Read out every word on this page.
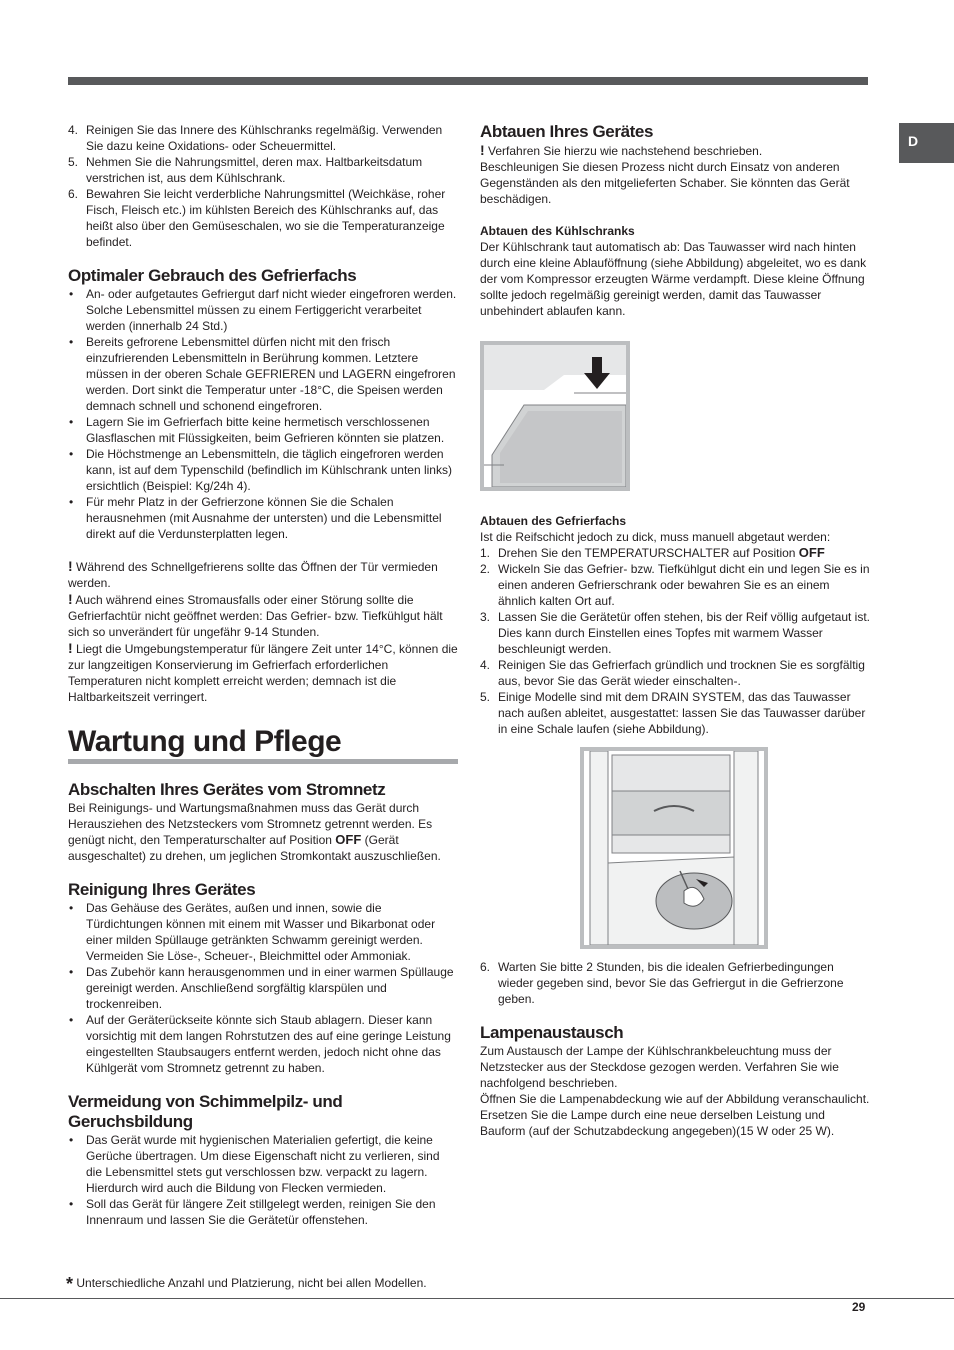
D
4. Reinigen Sie das Innere des Kühlschranks regelmäßig. Verwenden Sie dazu keine Oxidations- oder Scheuermittel.
5. Nehmen Sie die Nahrungsmittel, deren max. Haltbarkeitsdatum verstrichen ist, aus dem Kühlschrank.
6. Bewahren Sie leicht verderbliche Nahrungsmittel (Weichkäse, roher Fisch, Fleisch etc.) im kühlsten Bereich des Kühlschranks auf, das heißt also über den Gemüseschalen, wo sie die Temperaturanzeige befindet.
Optimaler Gebrauch des Gefrierfachs
• An- oder aufgetautes Gefriergut darf nicht wieder eingefroren werden. Solche Lebensmittel müssen zu einem Fertiggericht verarbeitet werden (innerhalb 24 Std.)
• Bereits gefrorene Lebensmittel dürfen nicht mit den frisch einzufrierenden Lebensmitteln in Berührung kommen. Letztere müssen in der oberen Schale GEFRIEREN und LAGERN eingefroren werden. Dort sinkt die Temperatur unter -18°C, die Speisen werden demnach schnell und schonend eingefroren.
• Lagern Sie im Gefrierfach bitte keine hermetisch verschlossenen Glasflaschen mit Flüssigkeiten, beim Gefrieren könnten sie platzen.
• Die Höchstmenge an Lebensmitteln, die täglich eingefroren werden kann, ist auf dem Typenschild (befindlich im Kühlschrank unten links) ersichtlich (Beispiel: Kg/24h 4).
• Für mehr Platz in der Gefrierzone können Sie die Schalen herausnehmen (mit Ausnahme der untersten) und die Lebensmittel direkt auf die Verdunsterplatten legen.

! Während des Schnellgefrierens sollte das Öffnen der Tür vermieden werden.

! Auch während eines Stromausfalls oder einer Störung sollte die Gefrierfachtür nicht geöffnet werden: Das Gefrier- bzw. Tiefkühlgut hält sich so unverändert für ungefähr 9-14 Stunden.

! Liegt die Umgebungstemperatur für längere Zeit unter 14°C, können die zur langzeitigen Konservierung im Gefrierfach erforderlichen Temperaturen nicht komplett erreicht werden; demnach ist die Haltbarkeitszeit verringert.

Wartung und Pflege
Abschalten Ihres Gerätes vom Stromnetz

Bei Reinigungs- und Wartungsmaßnahmen muss das Gerät durch Herausziehen des Netzsteckers vom Stromnetz getrennt werden. Es genügt nicht, den Temperaturschalter auf Position OFF (Gerät ausgeschaltet) zu drehen, um jeglichen Stromkontakt auszuschließen.

Reinigung Ihres Gerätes
• Das Gehäuse des Gerätes, außen und innen, sowie die Türdichtungen können mit einem mit Wasser und Bikarbonat oder einer milden Spüllauge getränkten Schwamm gereinigt werden. Vermeiden Sie Löse-, Scheuer-, Bleichmittel oder Ammoniak.
• Das Zubehör kann herausgenommen und in einer warmen Spüllauge gereinigt werden. Anschließend sorgfältig klarspülen und trockenreiben.
• Auf der Geräterückseite könnte sich Staub ablagern. Dieser kann vorsichtig mit dem langen Rohrstutzen des auf eine geringe Leistung eingestellten Staubsaugers entfernt werden, jedoch nicht ohne das Kühlgerät vom Stromnetz getrennt zu haben.
Vermeidung von Schimmelpilz- und Geruchsbildung
• Das Gerät wurde mit hygienischen Materialien gefertigt, die keine Gerüche übertragen. Um diese Eigenschaft nicht zu verlieren, sind die Lebensmittel stets gut verschlossen bzw. verpackt zu lagern. Hierdurch wird auch die Bildung von Flecken vermieden.
• Soll das Gerät für längere Zeit stillgelegt werden, reinigen Sie den Innenraum und lassen Sie die Gerätetür offenstehen.
Abtauen Ihres Gerätes

! Verfahren Sie hierzu wie nachstehend beschrieben.

Beschleunigen Sie diesen Prozess nicht durch Einsatz von anderen Gegenständen als den mitgelieferten Schaber. Sie könnten das Gerät beschädigen.

Abtauen des Kühlschranks

Der Kühlschrank taut automatisch ab: Das Tauwasser wird nach hinten durch eine kleine Ablauföffnung (siehe Abbildung) abgeleitet, wo es dank der vom Kompressor erzeugten Wärme verdampft. Diese kleine Öffnung sollte jedoch regelmäßig gereinigt werden, damit das Tauwasser unbehindert ablaufen kann.

Abtauen des Gefrierfachs

Ist die Reifschicht jedoch zu dick, muss manuell abgetaut werden:

1. Drehen Sie den TEMPERATURSCHALTER auf Position OFF
2. Wickeln Sie das Gefrier- bzw. Tiefkühlgut dicht ein und legen Sie es in einen anderen Gefrierschrank oder bewahren Sie es an einem ähnlich kalten Ort auf.
3. Lassen Sie die Gerätetür offen stehen, bis der Reif völlig aufgetaut ist. Dies kann durch Einstellen eines Topfes mit warmem Wasser beschleunigt werden.
4. Reinigen Sie das Gefrierfach gründlich und trocknen Sie es sorgfältig aus, bevor Sie das Gerät wieder einschalten-.
5. Einige Modelle sind mit dem DRAIN SYSTEM, das das Tauwasser nach außen ableitet, ausgestattet: lassen Sie das Tauwasser darüber in eine Schale laufen (siehe Abbildung).
6. Warten Sie bitte 2 Stunden, bis die idealen Gefrierbedingungen wieder gegeben sind, bevor Sie das Gefriergut in die Gefrierzone geben.
Lampenaustausch

Zum Austausch der Lampe der Kühlschrankbeleuchtung muss der Netzstecker aus der Steckdose gezogen werden. Verfahren Sie wie nachfolgend beschrieben.

Öffnen Sie die Lampenabdeckung wie auf der Abbildung veranschaulicht. Ersetzen Sie die Lampe durch eine neue derselben Leistung und Bauform (auf der Schutzabdeckung angegeben)(15 W oder 25 W).

* Unterschiedliche Anzahl und Platzierung, nicht bei allen Modellen.
29
